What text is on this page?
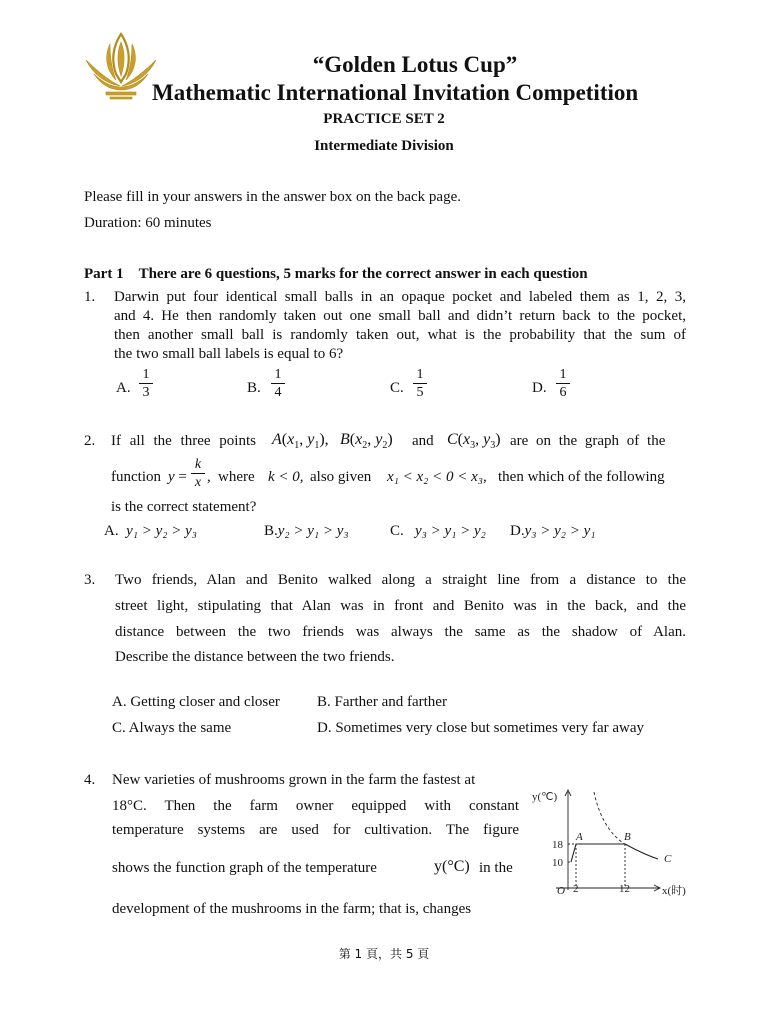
“Golden Lotus Cup”
Mathematic International Invitation Competition
PRACTICE SET 2
Intermediate Division
Please fill in your answers in the answer box on the back page.
Duration: 60 minutes
Part 1 There are 6 questions, 5 marks for the correct answer in each question
1. Darwin put four identical small balls in an opaque pocket and labeled them as 1, 2, 3,
and 4. He then randomly taken out one small ball and didn’t return back to the pocket,
then another small ball is randomly taken out, what is the probability that the sum of
the two small ball labels is equal to 6?
A.
1
3	B.
1
4	C.
1
5	D.
1
6
2. If all the three points $A(x_1$, $y_1$), $B(x_2$, $y_2$) and $C(x_3$, $y_3$) are on the graph of the
function y =
k
x , where k < 0, also given x₁ < x₂ < 0 < x₃, then which of the following
is the correct statement?
A. y₁ > y₂ > y₃	B.y₂ > y₁ > y₃	C. y₃ > y₁ > y₂ D.y₃ > y₂ > y₁
3. Two friends, Alan and Benito walked along a straight line from a distance to the
street light, stipulating that Alan was in front and Benito was in the back, and the
distance between the two friends was always the same as the shadow of Alan.
Describe the distance between the two friends.
A. Getting closer and closer B. Farther and farther
C. Always the same	D. Sometimes very close but sometimes very far away
4. New varieties of mushrooms grown in the farm the fastest at
18°C. Then the farm owner equipped with constant
temperature systems are used for cultivation. The figure
shows the function graph of the temperature	y(°C) in the
development of the mushrooms in the farm; that is, changes
y(℃)
x(时)
O
18
10
2	12
A	B
C
第 1 頁，共 5 頁
